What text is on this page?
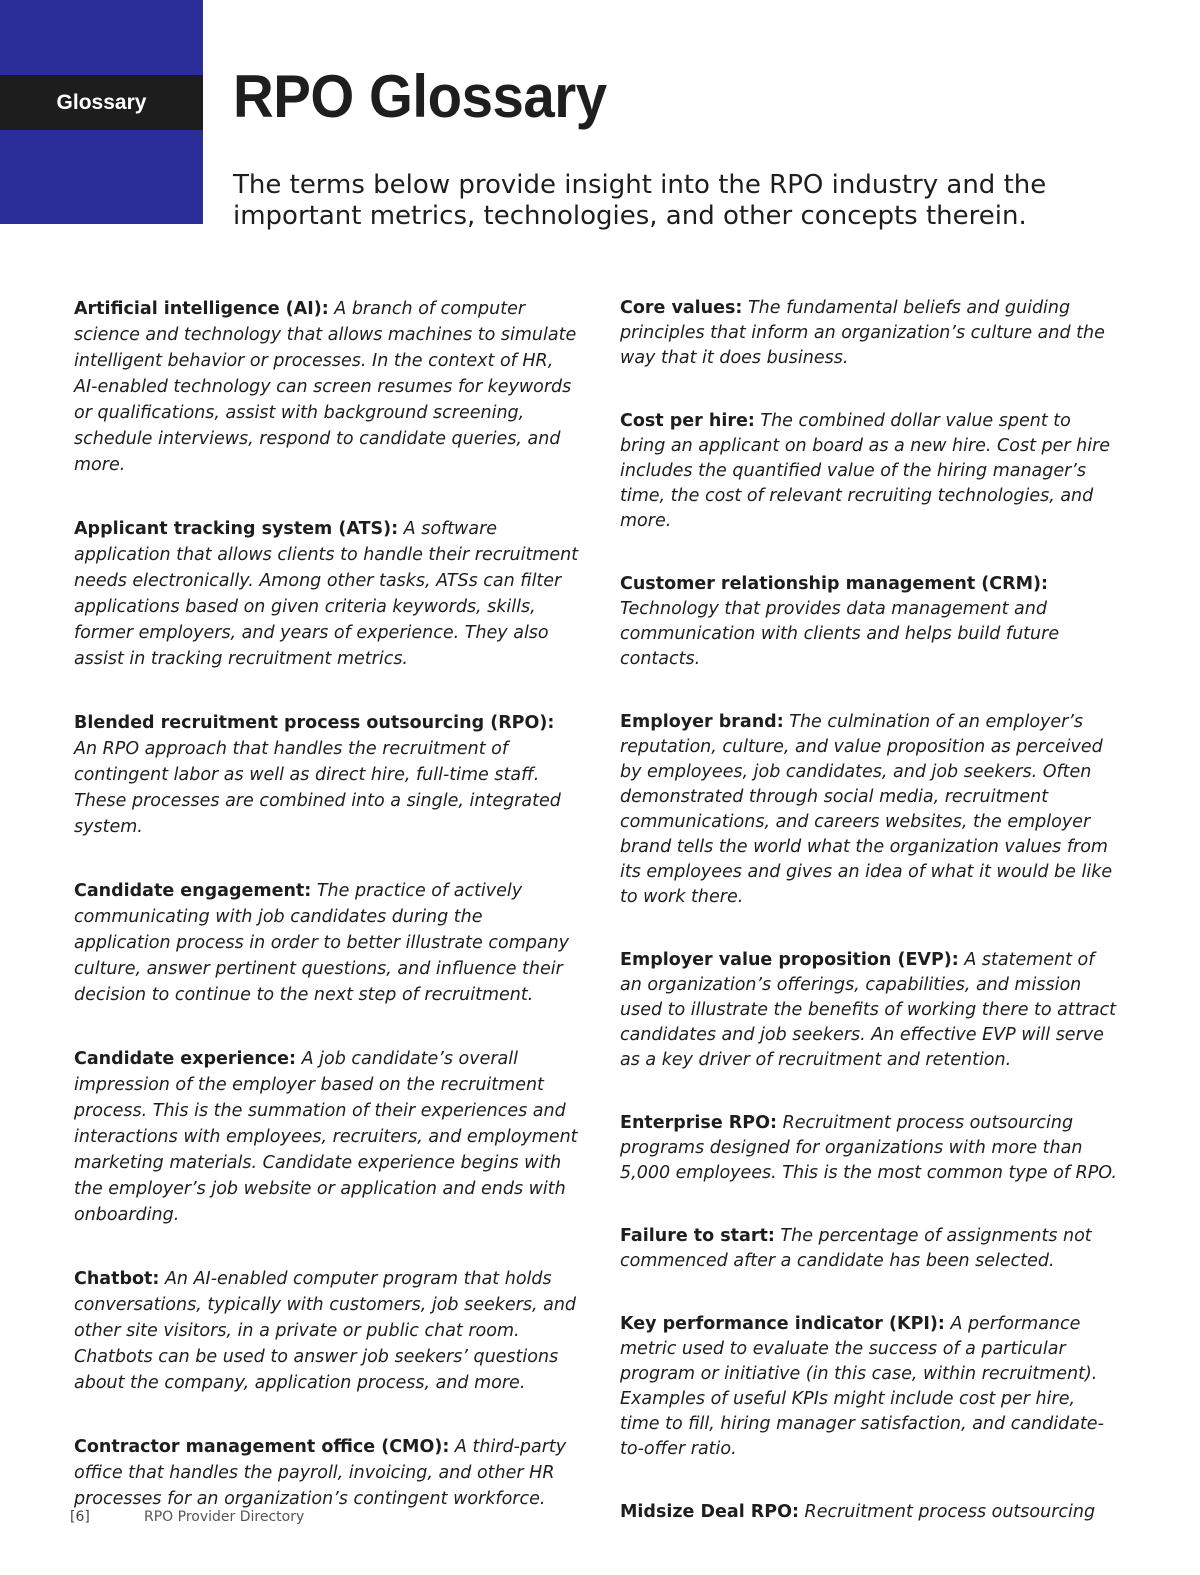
Glossary RPO Glossary

The terms below provide insight into the RPO industry and the important metrics, technologies, and other concepts therein.

Artificial intelligence (AI): A branch of computer science and technology that allows machines to simulate intelligent behavior or processes. In the context of HR, AI-enabled technology can screen resumes for keywords or qualifications, assist with background screening, schedule interviews, respond to candidate queries, and more.

Applicant tracking system (ATS): A software application that allows clients to handle their recruitment needs electronically. Among other tasks, ATSs can filter applications based on given criteria keywords, skills, former employers, and years of experience. They also assist in tracking recruitment metrics.

Blended recruitment process outsourcing (RPO): An RPO approach that handles the recruitment of contingent labor as well as direct hire, full-time staff. These processes are combined into a single, integrated system.

Candidate engagement: The practice of actively communicating with job candidates during the application process in order to better illustrate company culture, answer pertinent questions, and influence their decision to continue to the next step of recruitment.

Candidate experience: A job candidate’s overall impression of the employer based on the recruitment process. This is the summation of their experiences and interactions with employees, recruiters, and employment marketing materials. Candidate experience begins with the employer’s job website or application and ends with onboarding.

Chatbot: An AI-enabled computer program that holds conversations, typically with customers, job seekers, and other site visitors, in a private or public chat room. Chatbots can be used to answer job seekers’ questions about the company, application process, and more.

Contractor management office (CMO): A third-party office that handles the payroll, invoicing, and other HR processes for an organization’s contingent workforce.

Core values: The fundamental beliefs and guiding principles that inform an organization’s culture and the way that it does business.

Cost per hire: The combined dollar value spent to bring an applicant on board as a new hire. Cost per hire includes the quantified value of the hiring manager’s time, the cost of relevant recruiting technologies, and more.

Customer relationship management (CRM): Technology that provides data management and communication with clients and helps build future contacts.

Employer brand: The culmination of an employer’s reputation, culture, and value proposition as perceived by employees, job candidates, and job seekers. Often demonstrated through social media, recruitment communications, and careers websites, the employer brand tells the world what the organization values from its employees and gives an idea of what it would be like to work there.

Employer value proposition (EVP): A statement of an organization’s offerings, capabilities, and mission used to illustrate the benefits of working there to attract candidates and job seekers. An effective EVP will serve as a key driver of recruitment and retention.

Enterprise RPO: Recruitment process outsourcing programs designed for organizations with more than 5,000 employees. This is the most common type of RPO.

Failure to start: The percentage of assignments not commenced after a candidate has been selected.

Key performance indicator (KPI): A performance metric used to evaluate the success of a particular program or initiative (in this case, within recruitment). Examples of useful KPIs might include cost per hire, time to fill, hiring manager satisfaction, and candidate-to-offer ratio.

Midsize Deal RPO: Recruitment process outsourcing

[6]	RPO Provider Directory
